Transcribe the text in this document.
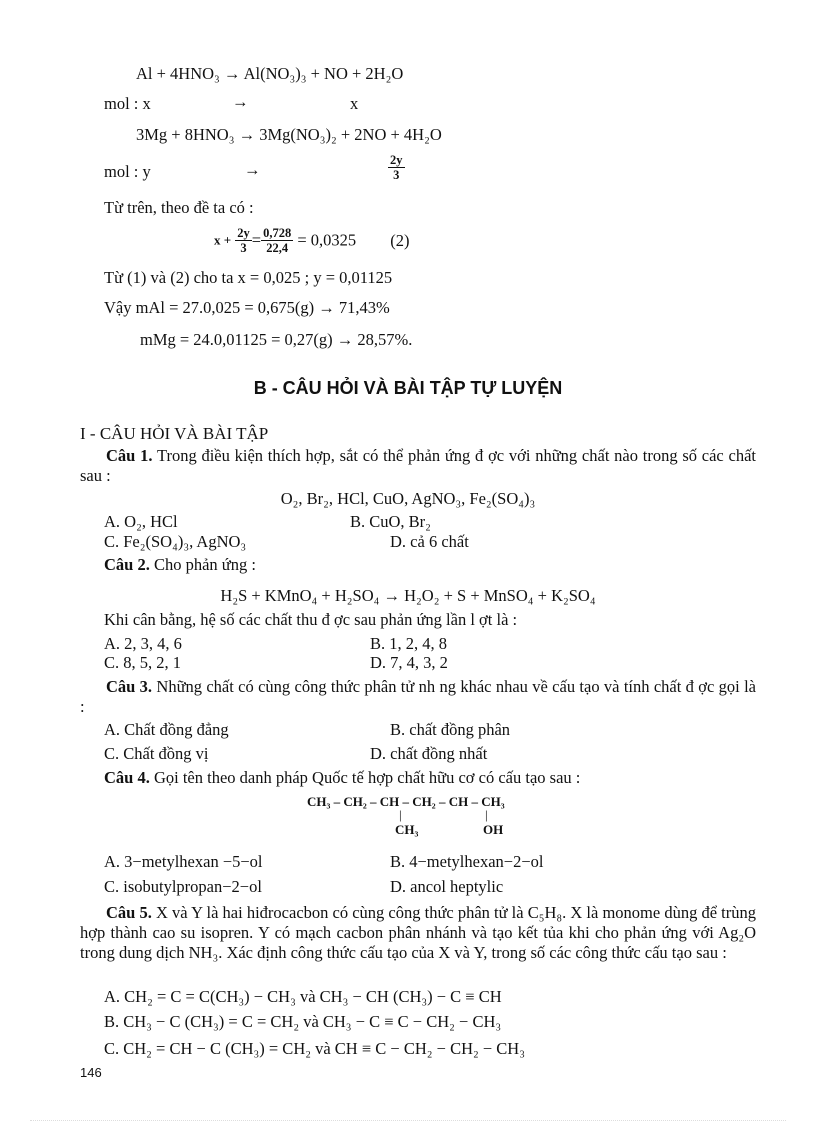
Al + 4HNO₃ → Al(NO₃)₃ + NO + 2H₂O
mol : x	→	x
3Mg + 8HNO₃ → 3Mg(NO₃)₂ + 2NO + 4H₂O
mol : y	→	$\frac{2y}{3}$
Từ trên, theo đề ta có :
$x + \frac{2y}{3} = \frac{0,728}{22,4} = 0,0325$ (2)
Từ (1) và (2) cho ta x = 0,025 ; y = 0,01125
Vậy mAl = 27.0,025 = 0,675(g) → 71,43%
mMg = 24.0,01125 = 0,27(g) → 28,57%.
B - CÂU HỎI VÀ BÀI TẬP TỰ LUYỆN
I - CÂU HỎI VÀ BÀI TẬP
Câu 1. Trong điều kiện thích hợp, sắt có thể phản ứng đ ợc với những chất nào trong số các chất sau :
O₂, Br₂, HCl, CuO, AgNO₃, Fe₂(SO₄)₃
A. O₂, HCl	B. CuO, Br₂
C. Fe₂(SO₄)₃, AgNO₃	D. cả 6 chất
Câu 2. Cho phản ứng :
H₂S + KMnO₄ + H₂SO₄ → H₂O₂ + S + MnSO₄ + K₂SO₄
Khi cân bằng, hệ số các chất thu đ ợc sau phản ứng lần l ợt là :
A. 2, 3, 4, 6	B. 1, 2, 4, 8
C. 8, 5, 2, 1	D. 7, 4, 3, 2
Câu 3. Những chất có cùng công thức phân tử nh ng khác nhau về cấu tạo và tính chất đ ợc gọi là :
A. Chất đồng đẳng	B. chất đồng phân
C. Chất đồng vị	D. chất đồng nhất
Câu 4. Gọi tên theo danh pháp Quốc tế hợp chất hữu cơ có cấu tạo sau :
CH₃ – CH₂ – CH – CH₂ – CH – CH₃
|	|
CH₃	OH
A. 3−metylhexan −5−ol	B. 4−metylhexan−2−ol
C. isobutylpropan−2−ol	D. ancol heptylic
Câu 5. X và Y là hai hiđrocacbon có cùng công thức phân tử là C₅H₈. X là monome dùng để trùng hợp thành cao su isopren. Y có mạch cacbon phân nhánh và tạo kết tủa khi cho phản ứng với Ag₂O trong dung dịch NH₃. Xác định công thức cấu tạo của X và Y, trong số các công thức cấu tạo sau :
A. CH₂ = C = C(CH₃) − CH₃ và CH₃ − CH (CH₃) − C ≡ CH
B. CH₃ − C (CH₃) = C = CH₂ và CH₃ − C ≡ C − CH₂ − CH₃
C. CH₂ = CH − C (CH₃) = CH₂ và CH ≡ C − CH₂ − CH₂ − CH₃
146
